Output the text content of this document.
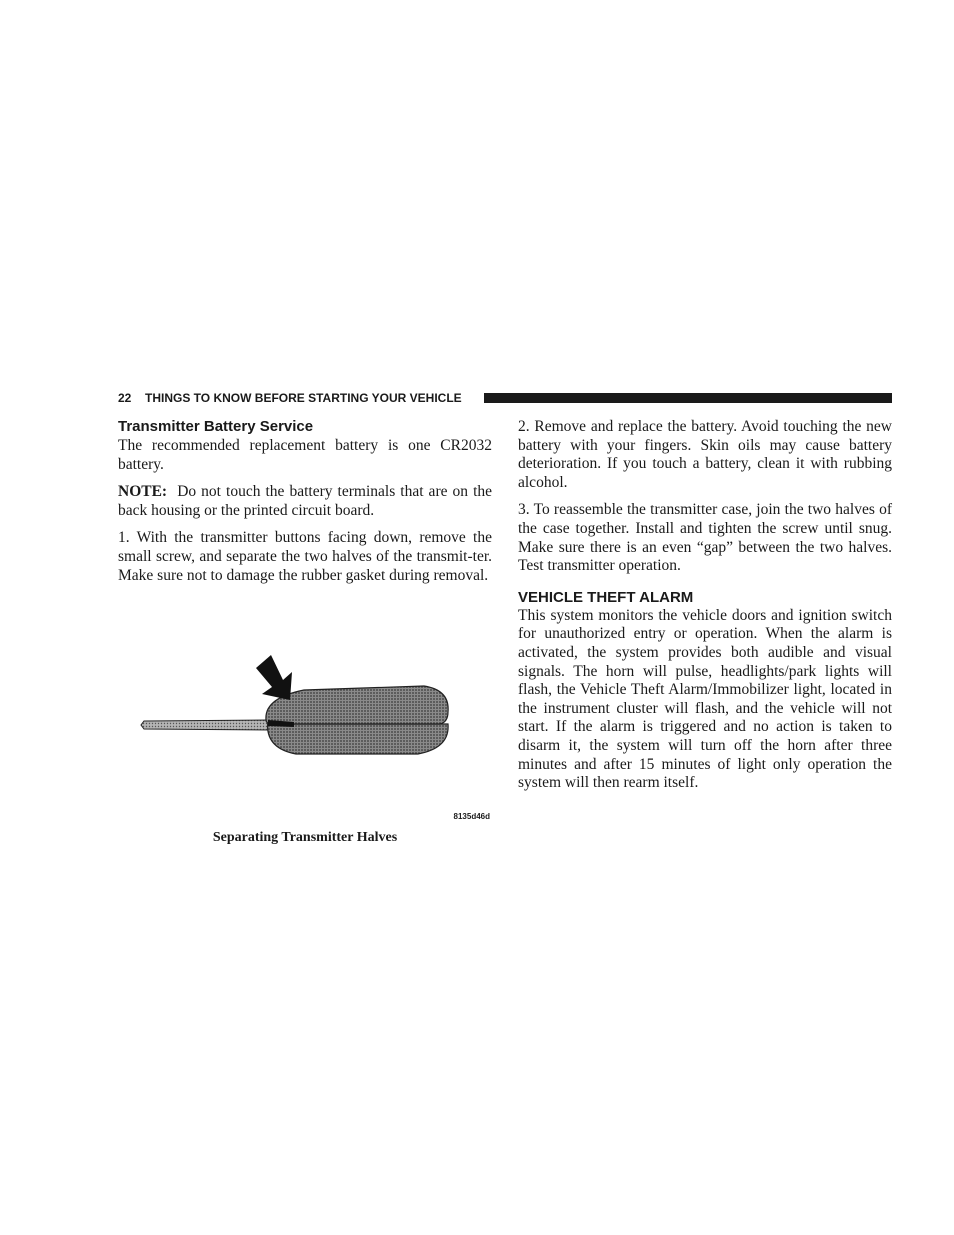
22 THINGS TO KNOW BEFORE STARTING YOUR VEHICLE
Transmitter Battery Service

The recommended replacement battery is one CR2032 battery.

NOTE: Do not touch the battery terminals that are on the back housing or the printed circuit board.

1. With the transmitter buttons facing down, remove the small screw, and separate the two halves of the transmit-ter. Make sure not to damage the rubber gasket during removal.

8135d46d
Separating Transmitter Halves

2. Remove and replace the battery. Avoid touching the new battery with your fingers. Skin oils may cause battery deterioration. If you touch a battery, clean it with rubbing alcohol.

3. To reassemble the transmitter case, join the two halves of the case together. Install and tighten the screw until snug. Make sure there is an even “gap” between the two halves. Test transmitter operation.

VEHICLE THEFT ALARM

This system monitors the vehicle doors and ignition switch for unauthorized entry or operation. When the alarm is activated, the system provides both audible and visual signals. The horn will pulse, headlights/park lights will flash, the Vehicle Theft Alarm/Immobilizer light, located in the instrument cluster will flash, and the vehicle will not start. If the alarm is triggered and no action is taken to disarm it, the system will turn off the horn after three minutes and after 15 minutes of light only operation the system will then rearm itself.
